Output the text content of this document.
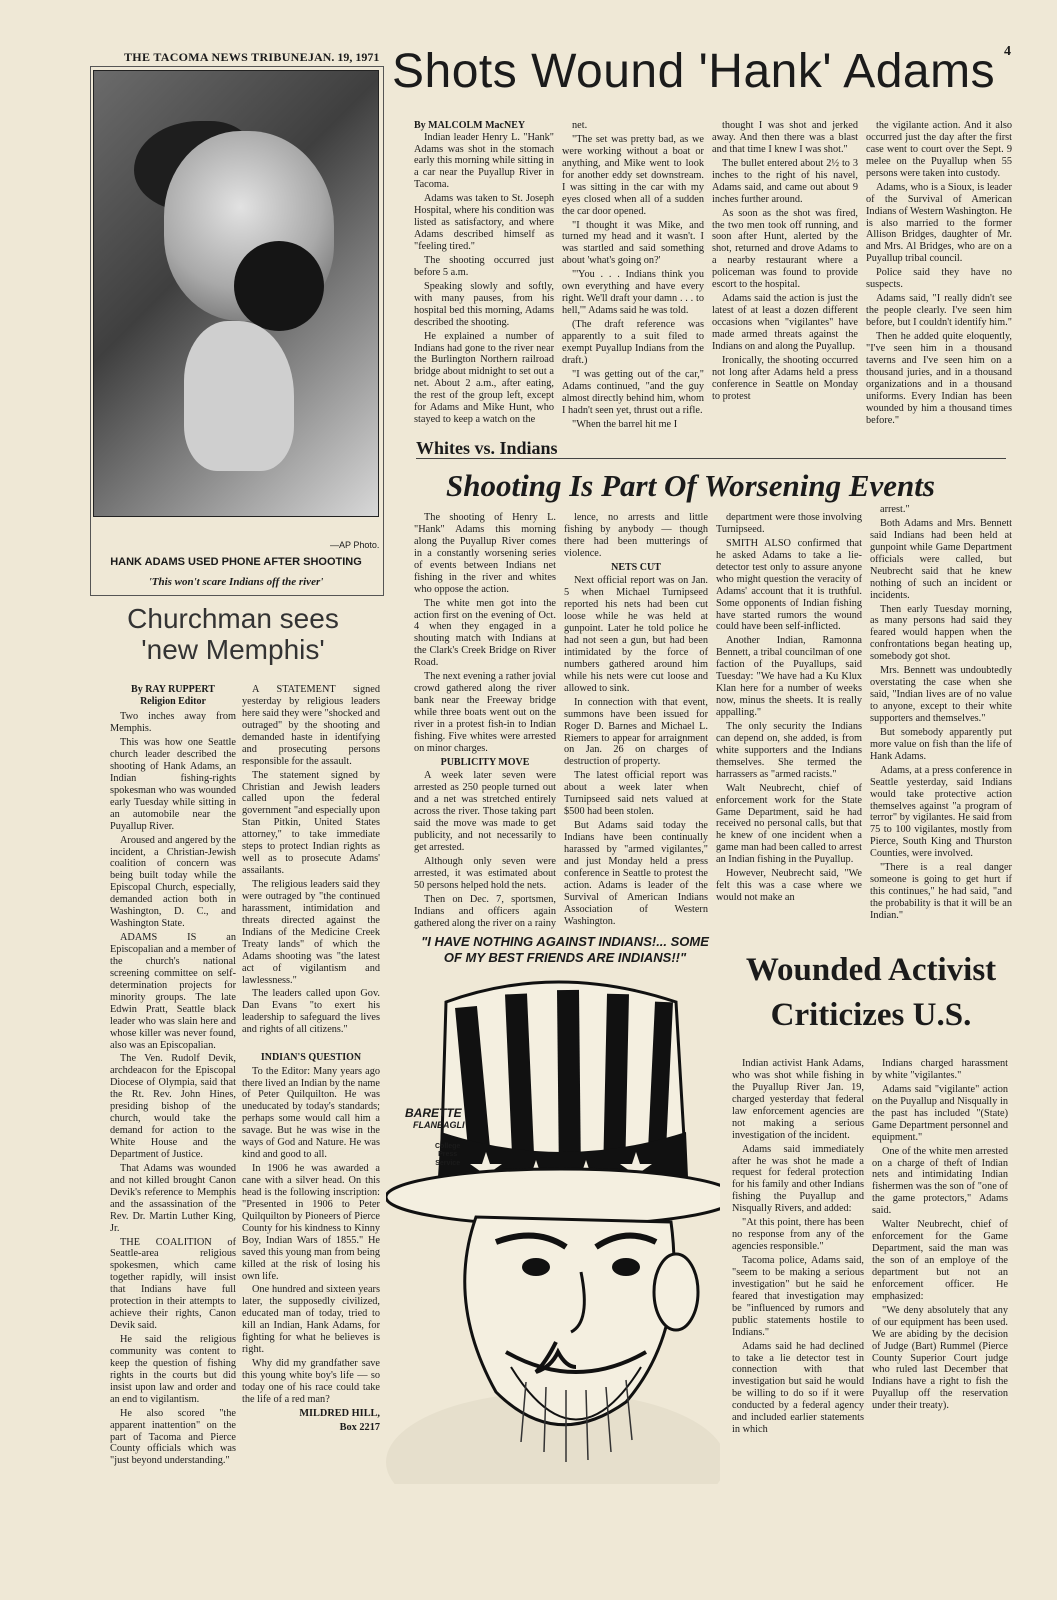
THE TACOMA NEWS TRIBUNE JAN. 19, 1971	4
—AP Photo.
HANK ADAMS USED PHONE AFTER SHOOTING
'This won't scare Indians off the river'
Shots Wound 'Hank' Adams
By MALCOLM MacNEY

Indian leader Henry L. "Hank" Adams was shot in the stomach early this morning while sitting in a car near the Puyallup River in Tacoma.

Adams was taken to St. Joseph Hospital, where his condition was listed as satisfactory, and where Adams described himself as "feeling tired."

The shooting occurred just before 5 a.m.

Speaking slowly and softly, with many pauses, from his hospital bed this morning, Adams described the shooting.

He explained a number of Indians had gone to the river near the Burlington Northern railroad bridge about midnight to set out a net. About 2 a.m., after eating, the rest of the group left, except for Adams and Mike Hunt, who stayed to keep a watch on the

net.

"The set was pretty bad, as we were working without a boat or anything, and Mike went to look for another eddy set downstream. I was sitting in the car with my eyes closed when all of a sudden the car door opened.

"I thought it was Mike, and turned my head and it wasn't. I was startled and said something about 'what's going on?'

"'You . . . Indians think you own everything and have every right. We'll draft your damn . . . to hell,'" Adams said he was told.

(The draft reference was apparently to a suit filed to exempt Puyallup Indians from the draft.)

"I was getting out of the car," Adams continued, "and the guy almost directly behind him, whom I hadn't seen yet, thrust out a rifle.

"When the barrel hit me I

thought I was shot and jerked away. And then there was a blast and that time I knew I was shot."

The bullet entered about 2½ to 3 inches to the right of his navel, Adams said, and came out about 9 inches further around.

As soon as the shot was fired, the two men took off running, and soon after Hunt, alerted by the shot, returned and drove Adams to a nearby restaurant where a policeman was found to provide escort to the hospital.

Adams said the action is just the latest of at least a dozen different occasions when "vigilantes" have made armed threats against the Indians on and along the Puyallup.

Ironically, the shooting occurred not long after Adams held a press conference in Seattle on Monday to protest

the vigilante action. And it also occurred just the day after the first case went to court over the Sept. 9 melee on the Puyallup when 55 persons were taken into custody.

Adams, who is a Sioux, is leader of the Survival of American Indians of Western Washington. He is also married to the former Allison Bridges, daughter of Mr. and Mrs. Al Bridges, who are on a Puyallup tribal council.

Police said they have no suspects.

Adams said, "I really didn't see the people clearly. I've seen him before, but I couldn't identify him."

Then he added quite eloquently, "I've seen him in a thousand taverns and I've seen him on a thousand juries, and in a thousand organizations and in a thousand uniforms. Every Indian has been wounded by him a thousand times before."

Whites vs. Indians
Shooting Is Part Of Worsening Events

The shooting of Henry L. "Hank" Adams this morning along the Puyallup River comes in a constantly worsening series of events between Indians net fishing in the river and whites who oppose the action.

The white men got into the action first on the evening of Oct. 4 when they engaged in a shouting match with Indians at the Clark's Creek Bridge on River Road.

The next evening a rather jovial crowd gathered along the river bank near the Freeway bridge while three boats went out on the river in a protest fish-in to Indian fishing. Five whites were arrested on minor charges.

PUBLICITY MOVE

A week later seven were arrested as 250 people turned out and a net was stretched entirely across the river. Those taking part said the move was made to get publicity, and not necessarily to get arrested.

Although only seven were arrested, it was estimated about 50 persons helped hold the nets.

Then on Dec. 7, sportsmen, Indians and officers again gathered along the river on a rainy

lence, no arrests and little fishing by anybody — though there had been mutterings of violence.

NETS CUT

Next official report was on Jan. 5 when Michael Turnipseed reported his nets had been cut loose while he was held at gunpoint. Later he told police he had not seen a gun, but had been intimidated by the force of numbers gathered around him while his nets were cut loose and allowed to sink.

In connection with that event, summons have been issued for Roger D. Barnes and Michael L. Riemers to appear for arraignment on Jan. 26 on charges of destruction of property.

The latest official report was about a week later when Turnipseed said nets valued at $500 had been stolen.

But Adams said today the Indians have been continually harassed by "armed vigilantes," and just Monday held a press conference in Seattle to protest the action. Adams is leader of the Survival of American Indians Association of Western Washington.

department were those involving Turnipseed.

SMITH ALSO confirmed that he asked Adams to take a lie-detector test only to assure anyone who might question the veracity of Adams' account that it is truthful. Some opponents of Indian fishing have started rumors the wound could have been self-inflicted.

Another Indian, Ramonna Bennett, a tribal councilman of one faction of the Puyallups, said Tuesday: "We have had a Ku Klux Klan here for a number of weeks now, minus the sheets. It is really appalling."

The only security the Indians can depend on, she added, is from white supporters and the Indians themselves. She termed the harrassers as "armed racists."

Walt Neubrecht, chief of enforcement work for the State Game Department, said he had received no personal calls, but that he knew of one incident when a game man had been called to arrest an Indian fishing in the Puyallup.

However, Neubrecht said, "We felt this was a case where we would not make an

arrest."

Both Adams and Mrs. Bennett said Indians had been held at gunpoint while Game Department officials were called, but Neubrecht said that he knew nothing of such an incident or incidents.

Then early Tuesday morning, as many persons had said they feared would happen when the confrontations began heating up, somebody got shot.

Mrs. Bennett was undoubtedly overstating the case when she said, "Indian lives are of no value to anyone, except to their white supporters and themselves."

But somebody apparently put more value on fish than the life of Hank Adams.

Adams, at a press conference in Seattle yesterday, said Indians would take protective action themselves against "a program of terror" by vigilantes. He said from 75 to 100 vigilantes, mostly from Pierce, South King and Thurston Counties, were involved.

"There is a real danger someone is going to get hurt if this continues," he had said, "and the probability is that it will be an Indian."

Churchman sees 'new Memphis'
By RAY RUPPERT
Religion Editor

Two inches away from Memphis.

This was how one Seattle church leader described the shooting of Hank Adams, an Indian fishing-rights spokesman who was wounded early Tuesday while sitting in an automobile near the Puyallup River.

Aroused and angered by the incident, a Christian-Jewish coalition of concern was being built today while the Episcopal Church, especially, demanded action both in Washington, D. C., and Washington State.

ADAMS IS an Episcopalian and a member of the church's national screening committee on self-determination projects for minority groups. The late Edwin Pratt, Seattle black leader who was slain here and whose killer was never found, also was an Episcopalian.

The Ven. Rudolf Devik, archdeacon for the Episcopal Diocese of Olympia, said that the Rt. Rev. John Hines, presiding bishop of the church, would take the demand for action to the White House and the Department of Justice.

That Adams was wounded and not killed brought Canon Devik's reference to Memphis and the assassination of the Rev. Dr. Martin Luther King, Jr.

THE COALITION of Seattle-area religious spokesmen, which came together rapidly, will insist that Indians have full protection in their attempts to achieve their rights, Canon Devik said.

He said the religious community was content to keep the question of fishing rights in the courts but did insist upon law and order and an end to vigilantism.

He also scored "the apparent inattention" on the part of Tacoma and Pierce County officials which was "just beyond understanding."

A STATEMENT signed yesterday by religious leaders here said they were "shocked and outraged" by the shooting and demanded haste in identifying and prosecuting persons responsible for the assault.

The statement signed by Christian and Jewish leaders called upon the federal government "and especially upon Stan Pitkin, United States attorney," to take immediate steps to protect Indian rights as well as to prosecute Adams' assailants.

The religious leaders said they were outraged by "the continued harassment, intimidation and threats directed against the Indians of the Medicine Creek Treaty lands" of which the Adams shooting was "the latest act of vigilantism and lawlessness."

The leaders called upon Gov. Dan Evans "to exert his leadership to safeguard the lives and rights of all citizens."

INDIAN'S QUESTION

To the Editor: Many years ago there lived an Indian by the name of Peter Quilquilton. He was uneducated by today's standards; perhaps some would call him a savage. But he was wise in the ways of God and Nature. He was kind and good to all.

In 1906 he was awarded a cane with a silver head. On this head is the following inscription: "Presented in 1906 to Peter Quilquilton by Pioneers of Pierce County for his kindness to Kinny Boy, Indian Wars of 1855." He saved this young man from being killed at the risk of losing his own life.

One hundred and sixteen years later, the supposedly civilized, educated man of today, tried to kill an Indian, Hank Adams, for fighting for what he believes is right.

Why did my grandfather save this young white boy's life — so today one of his race could take the life of a red man?

MILDRED HILL,

Box 2217

"I HAVE NOTHING AGAINST INDIANS!... SOME OF MY BEST FRIENDS ARE INDIANS!!"
BARETTE
FLANEAGLI
College
Press
Service
Wounded Activist Criticizes U.S.

Indian activist Hank Adams, who was shot while fishing in the Puyallup River Jan. 19, charged yesterday that federal law enforcement agencies are not making a serious investigation of the incident.

Adams said immediately after he was shot he made a request for federal protection for his family and other Indians fishing the Puyallup and Nisqually Rivers, and added:

"At this point, there has been no response from any of the agencies responsible."

Tacoma police, Adams said, "seem to be making a serious investigation" but he said he feared that investigation may be "influenced by rumors and public statements hostile to Indians."

Adams said he had declined to take a lie detector test in connection with that investigation but said he would be willing to do so if it were conducted by a federal agency and included earlier statements in which

Indians charged harassment by white "vigilantes."

Adams said "vigilante" action on the Puyallup and Nisqually in the past has included "(State) Game Department personnel and equipment."

One of the white men arrested on a charge of theft of Indian nets and intimidating Indian fishermen was the son of "one of the game protectors," Adams said.

Walter Neubrecht, chief of enforcement for the Game Department, said the man was the son of an employe of the department but not an enforcement officer. He emphasized:

"We deny absolutely that any of our equipment has been used. We are abiding by the decision of Judge (Bart) Rummel (Pierce County Superior Court judge who ruled last December that Indians have a right to fish the Puyallup off the reservation under their treaty).
